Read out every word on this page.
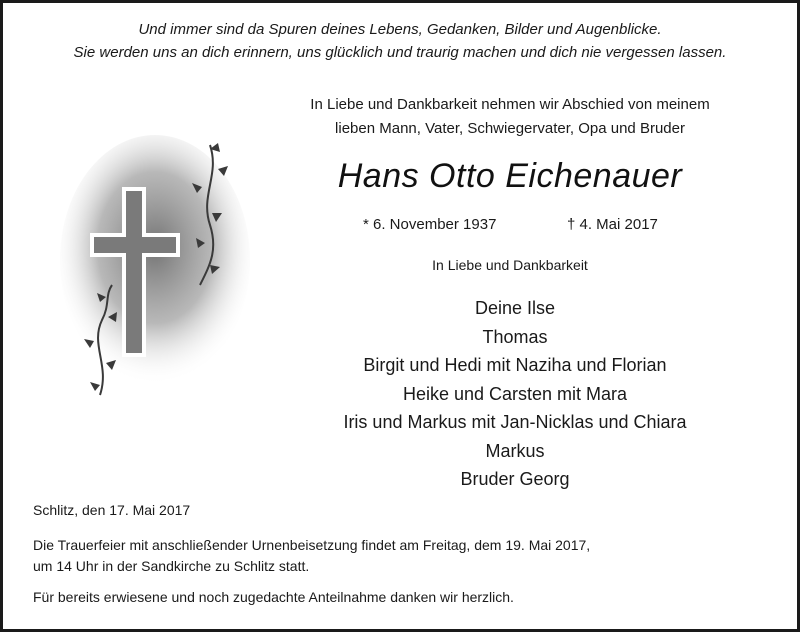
Und immer sind da Spuren deines Lebens, Gedanken, Bilder und Augenblicke.
Sie werden uns an dich erinnern, uns glücklich und traurig machen und dich nie vergessen lassen.
In Liebe und Dankbarkeit nehmen wir Abschied von meinem
lieben Mann, Vater, Schwiegervater, Opa und Bruder
Hans Otto Eichenauer
* 6. November 1937	† 4. Mai 2017
In Liebe und Dankbarkeit
Deine Ilse
Thomas
Birgit und Hedi mit Naziha und Florian
Heike und Carsten mit Mara
Iris und Markus mit Jan-Nicklas und Chiara
Markus
Bruder Georg
Schlitz, den 17. Mai 2017
Die Trauerfeier mit anschließender Urnenbeisetzung findet am Freitag, dem 19. Mai 2017,
um 14 Uhr in der Sandkirche zu Schlitz statt.
Für bereits erwiesene und noch zugedachte Anteilnahme danken wir herzlich.
